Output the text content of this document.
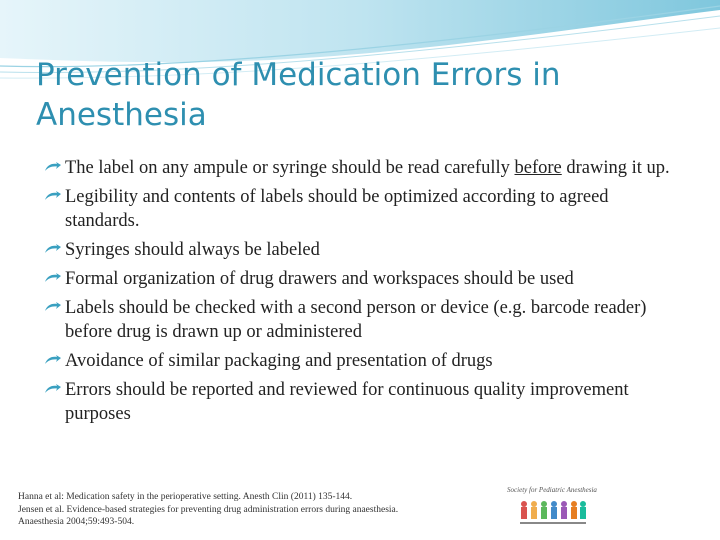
Prevention of Medication Errors in Anesthesia
The label on any ampule or syringe should be read carefully before drawing it up.
Legibility and contents of labels should be optimized according to agreed standards.
Syringes should always be labeled
Formal organization of drug drawers and workspaces should be used
Labels should be checked with a second person or device (e.g. barcode reader) before drug is drawn up or administered
Avoidance of similar packaging and presentation of drugs
Errors should be reported and reviewed for continuous quality improvement purposes
Hanna et al: Medication safety in the perioperative setting. Anesth Clin (2011) 135-144.
Jensen et al. Evidence-based strategies for preventing drug administration errors during anaesthesia.
Anaesthesia 2004;59:493-504.
Society for Pediatric Anesthesia
